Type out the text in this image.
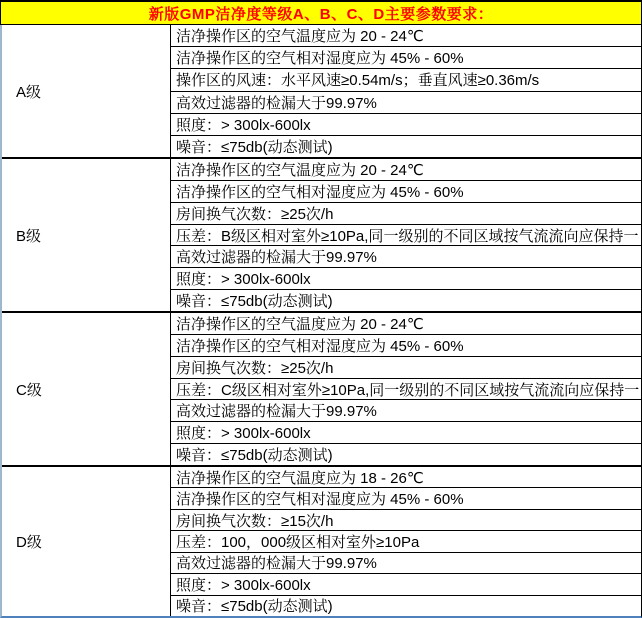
新版GMP洁净度等级A、B、C、D主要参数要求：
A级
洁净操作区的空气温度应为 20 - 24℃
洁净操作区的空气相对湿度应为 45% - 60%
操作区的风速：水平风速≥0.54m/s；垂直风速≥0.36m/s
高效过滤器的检漏大于99.97%
照度：> 300lx-600lx
噪音：≤75db(动态测试)
B级
洁净操作区的空气温度应为 20 - 24℃
洁净操作区的空气相对湿度应为 45% - 60%
房间换气次数：≥25次/h
压差：B级区相对室外≥10Pa,同一级别的不同区域按气流流向应保持一
高效过滤器的检漏大于99.97%
照度：> 300lx-600lx
噪音：≤75db(动态测试)
C级
洁净操作区的空气温度应为 20 - 24℃
洁净操作区的空气相对湿度应为 45% - 60%
房间换气次数：≥25次/h
压差：C级区相对室外≥10Pa,同一级别的不同区域按气流流向应保持一
高效过滤器的检漏大于99.97%
照度：> 300lx-600lx
噪音：≤75db(动态测试)
D级
洁净操作区的空气温度应为 18 - 26℃
洁净操作区的空气相对湿度应为 45% - 60%
房间换气次数：≥15次/h
压差：100，000级区相对室外≥10Pa
高效过滤器的检漏大于99.97%
照度：> 300lx-600lx
噪音：≤75db(动态测试)
